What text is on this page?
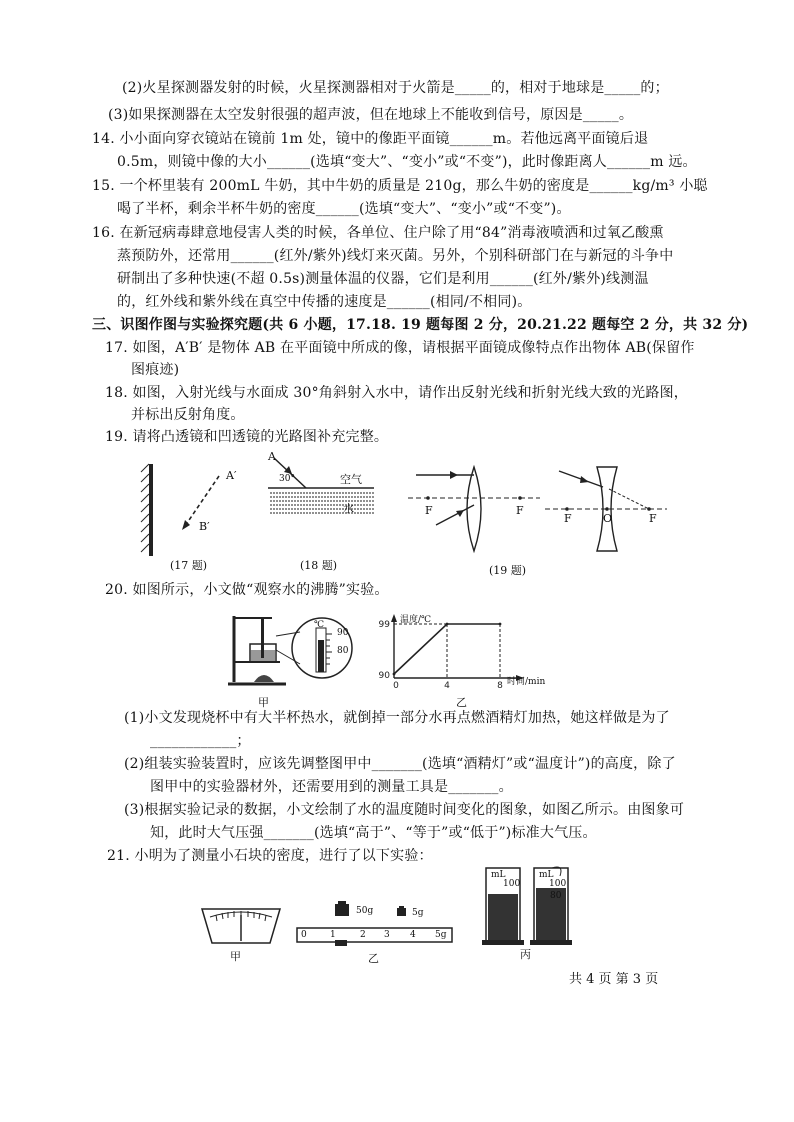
(2)火星探测器发射的时候，火星探测器相对于火箭是_____的，相对于地球是_____的；
(3)如果探测器在太空发射很强的超声波，但在地球上不能收到信号，原因是_____。
14. 小小面向穿衣镜站在镜前 1m 处，镜中的像距平面镜______m。若他远离平面镜后退
0.5m，则镜中像的大小______(选填“变大”、“变小”或“不变”)，此时像距离人______m 远。
15. 一个杯里装有 200mL 牛奶，其中牛奶的质量是 210g，那么牛奶的密度是______kg/m³ 小聪
喝了半杯，剩余半杯牛奶的密度______(选填“变大”、“变小”或“不变”)。
16. 在新冠病毒肆意地侵害人类的时候，各单位、住户除了用“84”消毒液喷洒和过氧乙酸熏
蒸预防外，还常用______(红外/紫外)线灯来灭菌。另外，个别科研部门在与新冠的斗争中
研制出了多种快速(不超 0.5s)测量体温的仪器，它们是利用______(红外/紫外)线测温
的，红外线和紫外线在真空中传播的速度是______(相同/不相同)。
三、识图作图与实验探究题(共 6 小题，17.18. 19 题每图 2 分，20.21.22 题每空 2 分，共 32 分)
17. 如图，A′B′ 是物体 AB 在平面镜中所成的像，请根据平面镜成像特点作出物体 AB(保留作
图痕迹)
18. 如图，入射光线与水面成 30°角斜射入水中，请作出反射光线和折射光线大致的光路图，
并标出反射角度。
19. 请将凸透镜和凹透镜的光路图补充完整。
A′
B′
(17 题)
A
30°	空气
水
(18 题)
F	F
F	O	F
(19 题)
20. 如图所示，小文做“观察水的沸腾”实验。
℃
90
80
甲
99
90
0	4	8
温度/℃
时间/min
乙
(1)小文发现烧杯中有大半杯热水，就倒掉一部分水再点燃酒精灯加热，她这样做是为了
____________；
(2)组装实验装置时，应该先调整图甲中_______(选填“酒精灯”或“温度计”)的高度，除了
图甲中的实验器材外，还需要用到的测量工具是_______。
(3)根据实验记录的数据，小文绘制了水的温度随时间变化的图象，如图乙所示。由图象可
知，此时大气压强_______(选填“高于”、“等于”或“低于”)标准大气压。
21. 小明为了测量小石块的密度，进行了以下实验：
甲
50g	5g
0	1	2 3 4 5g
乙
mL
100
mL
100
80
丙
共 4 页 第 3 页
